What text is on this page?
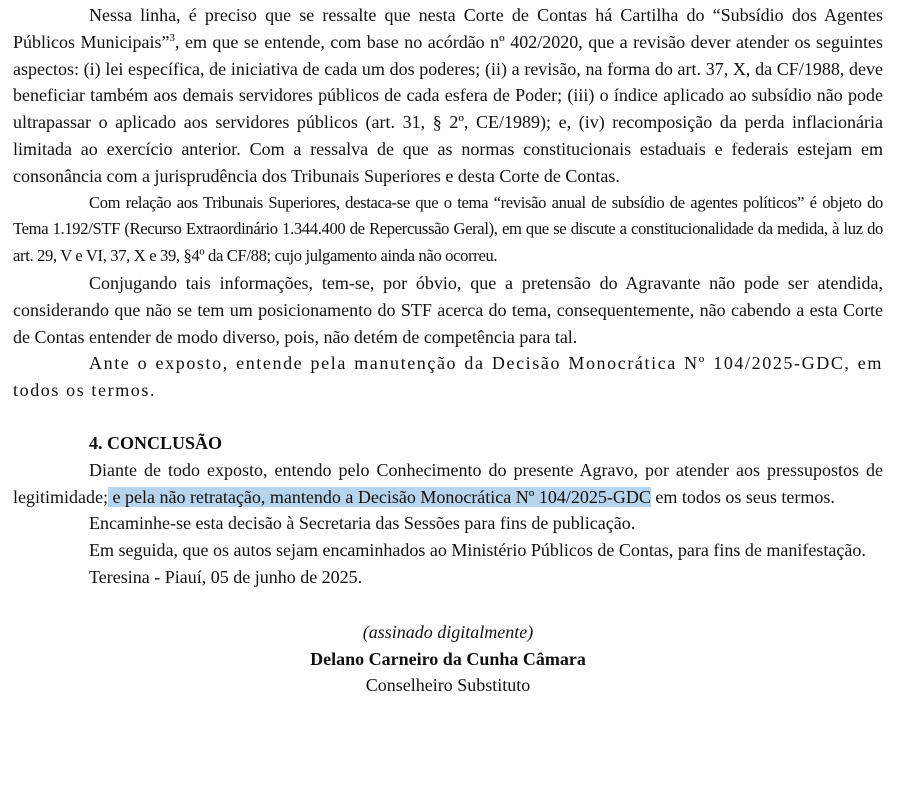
Nessa linha, é preciso que se ressalte que nesta Corte de Contas há Cartilha do “Subsídio dos Agentes Públicos Municipais”$^3$, em que se entende, com base no acórdão nº 402/2020, que a revisão dever atender os seguintes aspectos: (i) lei específica, de iniciativa de cada um dos poderes; (ii) a revisão, na forma do art. 37, X, da CF/1988, deve beneficiar também aos demais servidores públicos de cada esfera de Poder; (iii) o índice aplicado ao subsídio não pode ultrapassar o aplicado aos servidores públicos (art. 31, § 2º, CE/1989); e, (iv) recomposição da perda inflacionária limitada ao exercício anterior. Com a ressalva de que as normas constitucionais estaduais e federais estejam em consonância com a jurisprudência dos Tribunais Superiores e desta Corte de Contas.

Com relação aos Tribunais Superiores, destaca-se que o tema “revisão anual de subsídio de agentes políticos” é objeto do Tema 1.192/STF (Recurso Extraordinário 1.344.400 de Repercussão Geral), em que se discute a constitucionalidade da medida, à luz do art. 29, V e VI, 37, X e 39, §4º da CF/88; cujo julgamento ainda não ocorreu.

Conjugando tais informações, tem-se, por óbvio, que a pretensão do Agravante não pode ser atendida, considerando que não se tem um posicionamento do STF acerca do tema, consequentemente, não cabendo a esta Corte de Contas entender de modo diverso, pois, não detém de competência para tal.

Ante o exposto, entende pela manutenção da Decisão Monocrática Nº 104/2025-GDC, em todos os termos.

4. CONCLUSÃO

Diante de todo exposto, entendo pelo Conhecimento do presente Agravo, por atender aos pressupostos de legitimidade; e pela não retratação, mantendo a Decisão Monocrática Nº 104/2025-GDC em todos os seus termos.

Encaminhe-se esta decisão à Secretaria das Sessões para fins de publicação.

Em seguida, que os autos sejam encaminhados ao Ministério Públicos de Contas, para fins de manifestação.

Teresina - Piauí, 05 de junho de 2025.

(assinado digitalmente)
Delano Carneiro da Cunha Câmara
Conselheiro Substituto
